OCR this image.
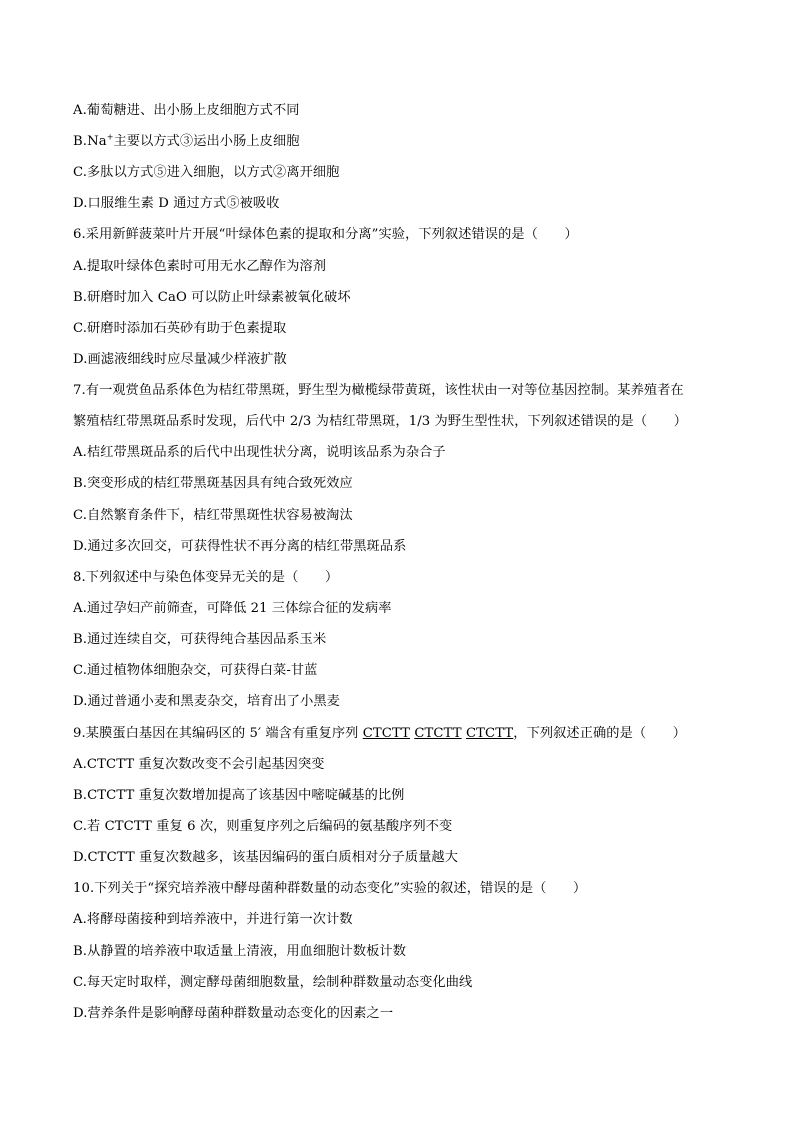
A.葡萄糖进、出小肠上皮细胞方式不同
B.Na+主要以方式③运出小肠上皮细胞
C.多肽以方式⑤进入细胞，以方式②离开细胞
D.口服维生素 D 通过方式⑤被吸收
6.采用新鲜菠菜叶片开展“叶绿体色素的提取和分离”实验，下列叙述错误的是（　　）
A.提取叶绿体色素时可用无水乙醇作为溶剂
B.研磨时加入 CaO 可以防止叶绿素被氧化破坏
C.研磨时添加石英砂有助于色素提取
D.画滤液细线时应尽量减少样液扩散
7.有一观赏鱼品系体色为桔红带黑斑，野生型为橄榄绿带黄斑，该性状由一对等位基因控制。某养殖者在
繁殖桔红带黑斑品系时发现，后代中 2/3 为桔红带黑斑，1/3 为野生型性状，下列叙述错误的是（　　）
A.桔红带黑斑品系的后代中出现性状分离，说明该品系为杂合子
B.突变形成的桔红带黑斑基因具有纯合致死效应
C.自然繁育条件下，桔红带黑斑性状容易被淘汰
D.通过多次回交，可获得性状不再分离的桔红带黑斑品系
8.下列叙述中与染色体变异无关的是（　　）
A.通过孕妇产前筛查，可降低 21 三体综合征的发病率
B.通过连续自交，可获得纯合基因品系玉米
C.通过植物体细胞杂交，可获得白菜-甘蓝
D.通过普通小麦和黑麦杂交，培育出了小黑麦
9.某膜蛋白基因在其编码区的 5′ 端含有重复序列 CTCTT CTCTT CTCTT，下列叙述正确的是（　　）
A.CTCTT 重复次数改变不会引起基因突变
B.CTCTT 重复次数增加提高了该基因中嘧啶碱基的比例
C.若 CTCTT 重复 6 次，则重复序列之后编码的氨基酸序列不变
D.CTCTT 重复次数越多，该基因编码的蛋白质相对分子质量越大
10.下列关于“探究培养液中酵母菌种群数量的动态变化”实验的叙述，错误的是（　　）
A.将酵母菌接种到培养液中，并进行第一次计数
B.从静置的培养液中取适量上清液，用血细胞计数板计数
C.每天定时取样，测定酵母菌细胞数量，绘制种群数量动态变化曲线
D.营养条件是影响酵母菌种群数量动态变化的因素之一
